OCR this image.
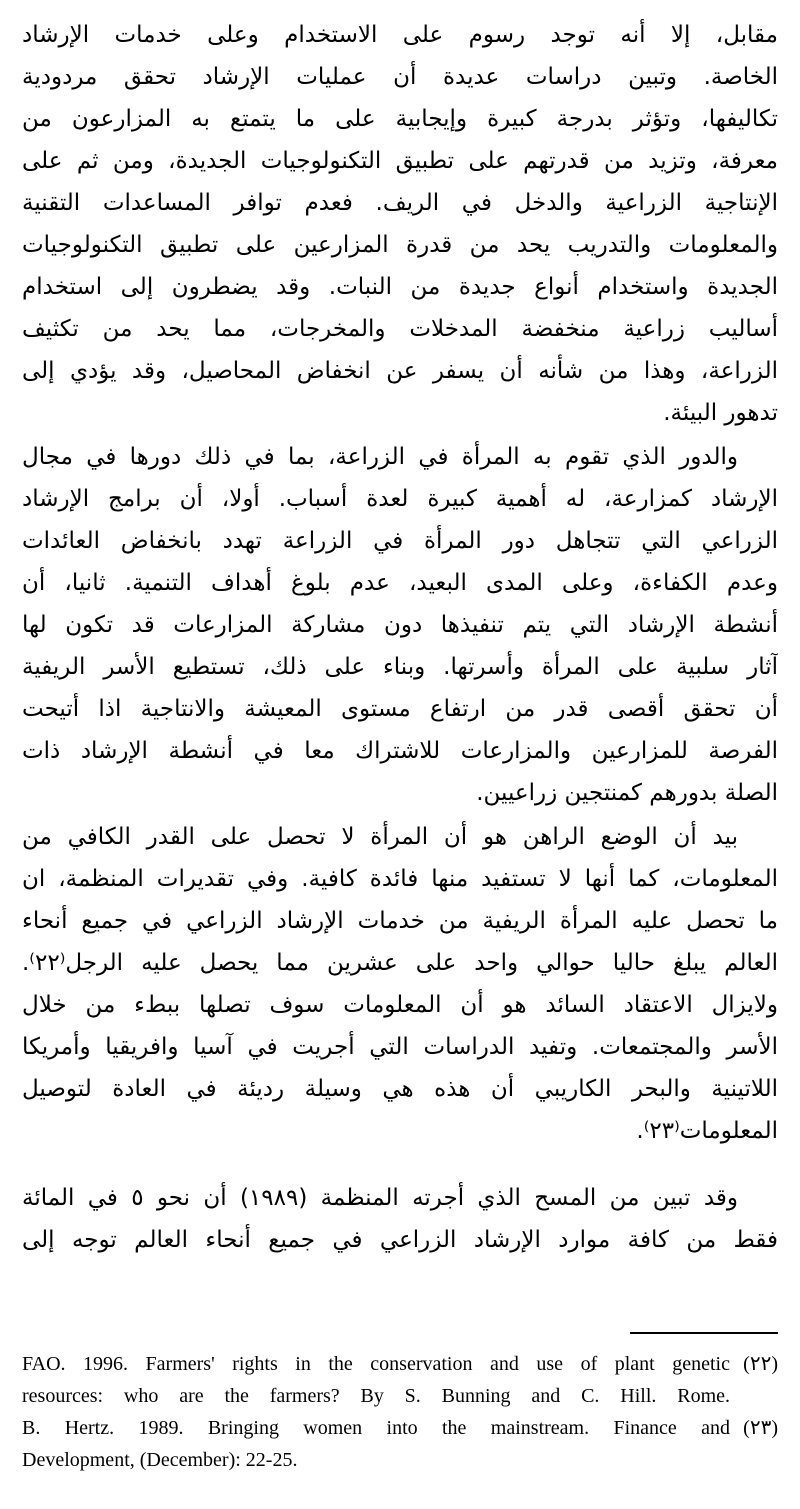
مقابل، إلا أنه توجد رسوم على الاستخدام وعلى خدمات الإرشاد
الخاصة. وتبين دراسات عديدة أن عمليات الإرشاد تحقق مردودية
تكاليفها، وتؤثر بدرجة كبيرة وإيجابية على ما يتمتع به المزارعون من
معرفة، وتزيد من قدرتهم على تطبيق التكنولوجيات الجديدة، ومن ثم على
الإنتاجية الزراعية والدخل في الريف. فعدم توافر المساعدات التقنية
والمعلومات والتدريب يحد من قدرة المزارعين على تطبيق التكنولوجيات
الجديدة واستخدام أنواع جديدة من النبات. وقد يضطرون إلى استخدام
أساليب زراعية منخفضة المدخلات والمخرجات، مما يحد من تكثيف
الزراعة، وهذا من شأنه أن يسفر عن انخفاض المحاصيل، وقد يؤدي إلى
تدهور البيئة.
والدور الذي تقوم به المرأة في الزراعة، بما في ذلك دورها في مجال
الإرشاد كمزارعة، له أهمية كبيرة لعدة أسباب. أولا، أن برامج الإرشاد
الزراعي التي تتجاهل دور المرأة في الزراعة تهدد بانخفاض العائدات
وعدم الكفاءة، وعلى المدى البعيد، عدم بلوغ أهداف التنمية. ثانيا، أن
أنشطة الإرشاد التي يتم تنفيذها دون مشاركة المزارعات قد تكون لها
آثار سلبية على المرأة وأسرتها. وبناء على ذلك، تستطيع الأسر الريفية
أن تحقق أقصى قدر من ارتفاع مستوى المعيشة والانتاجية اذا أتيحت
الفرصة للمزارعين والمزارعات للاشتراك معا في أنشطة الإرشاد ذات
الصلة بدورهم كمنتجين زراعيين.
بيد أن الوضع الراهن هو أن المرأة لا تحصل على القدر الكافي من
المعلومات، كما أنها لا تستفيد منها فائدة كافية. وفي تقديرات المنظمة، ان
ما تحصل عليه المرأة الريفية من خدمات الإرشاد الزراعي في جميع أنحاء
العالم يبلغ حاليا حوالي واحد على عشرين مما يحصل عليه الرجل⁽٢٢⁾.
ولايزال الاعتقاد السائد هو أن المعلومات سوف تصلها ببطء من خلال
الأسر والمجتمعات. وتفيد الدراسات التي أجريت في آسيا وافريقيا وأمريكا
اللاتينية والبحر الكاريبي أن هذه هي وسيلة رديئة في العادة لتوصيل
المعلومات⁽٢٣⁾.
وقد تبين من المسح الذي أجرته المنظمة (١٩٨٩) أن نحو ٥ في المائة
فقط من كافة موارد الإرشاد الزراعي في جميع أنحاء العالم توجه إلى
(٢٢)
FAO. 1996. Farmers' rights in the conservation and use of plant genetic
resources: who are the farmers? By S. Bunning and C. Hill. Rome.
(٢٣)
B. Hertz. 1989. Bringing women into the mainstream. Finance and
Development, (December): 22-25.
